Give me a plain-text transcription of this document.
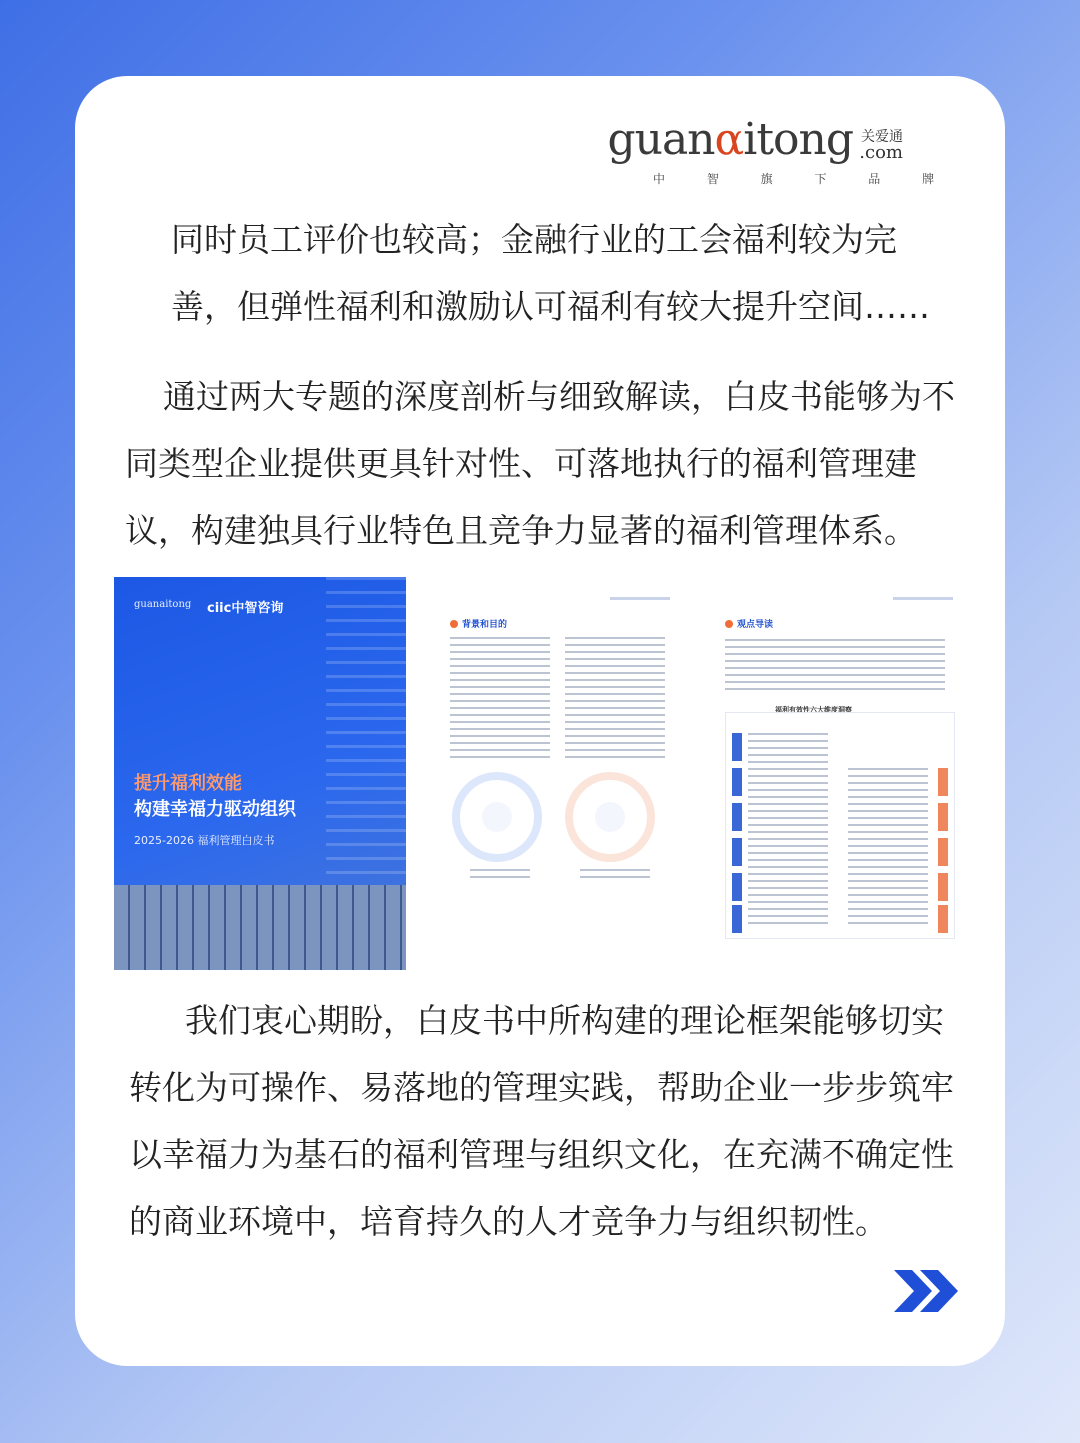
guanαitong 关爱通
.com
中 智 旗 下 品 牌
同时员工评价也较高；金融行业的工会福利较为完
善，但弹性福利和激励认可福利有较大提升空间……
通过两大专题的深度剖析与细致解读，白皮书能够为不
同类型企业提供更具针对性、可落地执行的福利管理建
议，构建独具行业特色且竞争力显著的福利管理体系。
guanaitong ciic中智咨询
提升福利效能
构建幸福力驱动组织
2025-2026 福利管理白皮书
背景和目的	观点导读
福利有效性六大维度洞察
我们衷心期盼，白皮书中所构建的理论框架能够切实
转化为可操作、易落地的管理实践，帮助企业一步步筑牢
以幸福力为基石的福利管理与组织文化，在充满不确定性
的商业环境中，培育持久的人才竞争力与组织韧性。
